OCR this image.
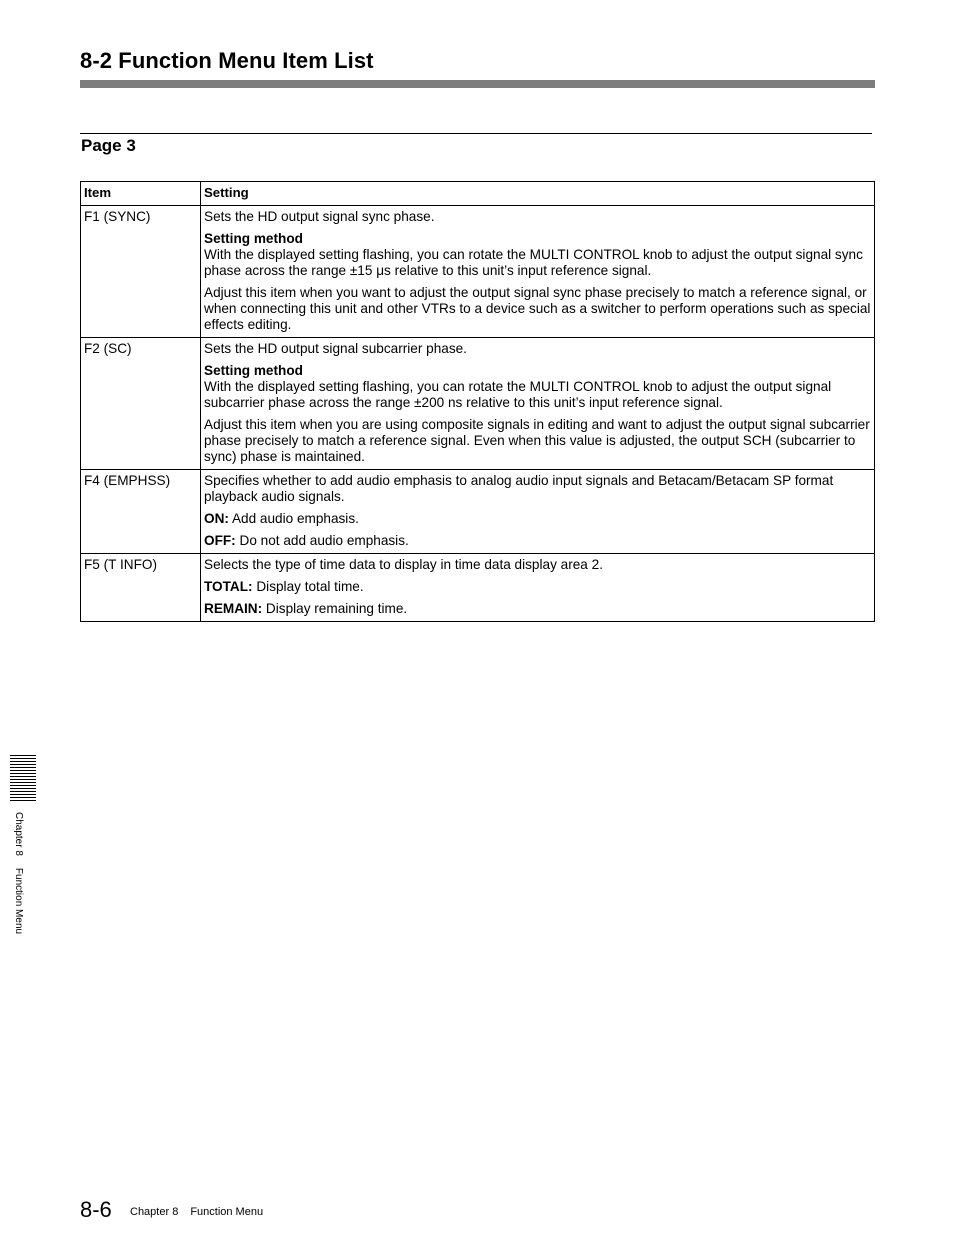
8-2 Function Menu Item List
Page 3
Item	Setting
F1 (SYNC)	Sets the HD output signal sync phase.
Setting method
With the displayed setting flashing, you can rotate the MULTI CONTROL knob to adjust the output signal sync phase across the range ±15 μs relative to this unit’s input reference signal.
Adjust this item when you want to adjust the output signal sync phase precisely to match a reference signal, or when connecting this unit and other VTRs to a device such as a switcher to perform operations such as special effects editing.

F2 (SC)	Sets the HD output signal subcarrier phase.
Setting method
With the displayed setting flashing, you can rotate the MULTI CONTROL knob to adjust the output signal subcarrier phase across the range ±200 ns relative to this unit’s input reference signal.
Adjust this item when you are using composite signals in editing and want to adjust the output signal subcarrier phase precisely to match a reference signal. Even when this value is adjusted, the output SCH (subcarrier to sync) phase is maintained.

F4 (EMPHSS)	Specifies whether to add audio emphasis to analog audio input signals and Betacam/Betacam SP format playback audio signals.
ON: Add audio emphasis.
OFF: Do not add audio emphasis.

F5 (T INFO)	Selects the type of time data to display in time data display area 2.
TOTAL: Display total time.
REMAIN: Display remaining time.
Chapter 8Function Menu
8-6 Chapter 8 Function Menu
